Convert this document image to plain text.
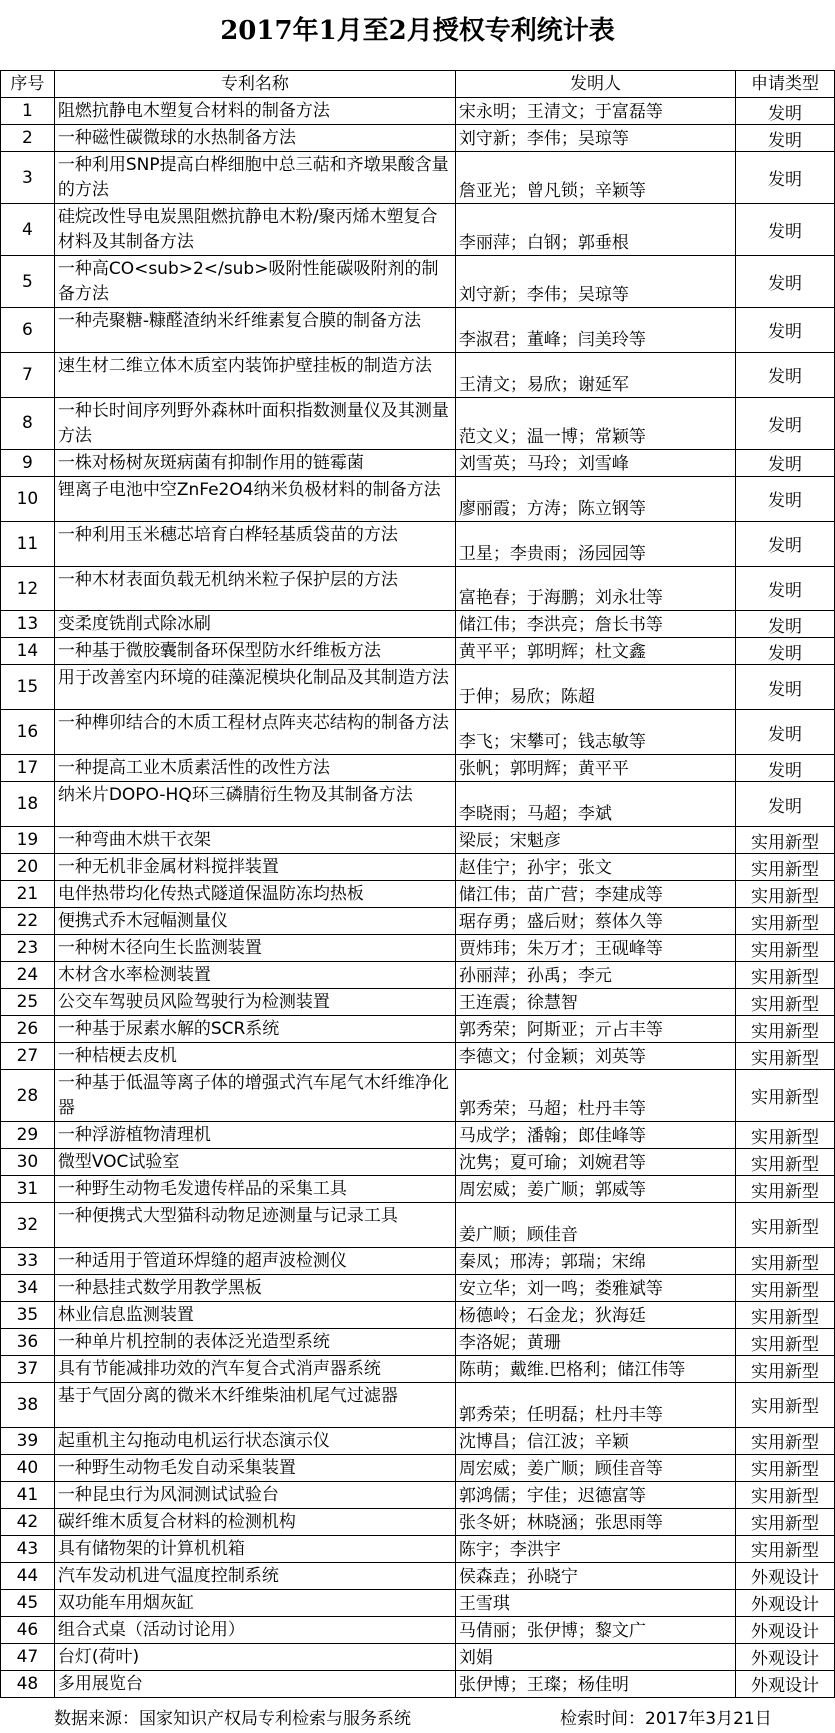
2017年1月至2月授权专利统计表
序号	专利名称	发明人	申请类型
1	阻燃抗静电木塑复合材料的制备方法	宋永明；王清文；于富磊等	发明
2	一种磁性碳微球的水热制备方法	刘守新；李伟；吴琼等	发明
3	一种利用SNP提高白桦细胞中总三萜和齐墩果酸含量的方法	詹亚光；曾凡锁；辛颖等	发明
4	硅烷改性导电炭黑阻燃抗静电木粉/聚丙烯木塑复合材料及其制备方法	李丽萍；白钢；郭垂根	发明
5	一种高CO<sub>2</sub>吸附性能碳吸附剂的制备方法	刘守新；李伟；吴琼等	发明
6	一种壳聚糖-糠醛渣纳米纤维素复合膜的制备方法	李淑君；董峰；闫美玲等	发明
7	速生材二维立体木质室内装饰护壁挂板的制造方法	王清文；易欣；谢延军	发明
8	一种长时间序列野外森林叶面积指数测量仪及其测量方法	范文义；温一博；常颖等	发明
9	一株对杨树灰斑病菌有抑制作用的链霉菌	刘雪英；马玲；刘雪峰	发明
10	锂离子电池中空ZnFe2O4纳米负极材料的制备方法	廖丽霞；方涛；陈立钢等	发明
11	一种利用玉米穗芯培育白桦轻基质袋苗的方法	卫星；李贵雨；汤园园等	发明
12	一种木材表面负载无机纳米粒子保护层的方法	富艳春；于海鹏；刘永壮等	发明
13	变柔度铣削式除冰刷	储江伟；李洪亮；詹长书等	发明
14	一种基于微胶囊制备环保型防水纤维板方法	黄平平；郭明辉；杜文鑫	发明
15	用于改善室内环境的硅藻泥模块化制品及其制造方法	于伸；易欣；陈超	发明
16	一种榫卯结合的木质工程材点阵夹芯结构的制备方法	李飞；宋攀可；钱志敏等	发明
17	一种提高工业木质素活性的改性方法	张帆；郭明辉；黄平平	发明
18	纳米片DOPO-HQ环三磷腈衍生物及其制备方法	李晓雨；马超；李斌	发明
19	一种弯曲木烘干衣架	梁辰；宋魁彦	实用新型
20	一种无机非金属材料搅拌装置	赵佳宁；孙宇；张文	实用新型
21	电伴热带均化传热式隧道保温防冻均热板	储江伟；苗广营；李建成等	实用新型
22	便携式乔木冠幅测量仪	琚存勇；盛后财；蔡体久等	实用新型
23	一种树木径向生长监测装置	贾炜玮；朱万才；王砚峰等	实用新型
24	木材含水率检测装置	孙丽萍；孙禹；李元	实用新型
25	公交车驾驶员风险驾驶行为检测装置	王连震；徐慧智	实用新型
26	一种基于尿素水解的SCR系统	郭秀荣；阿斯亚；亓占丰等	实用新型
27	一种桔梗去皮机	李德文；付金颖；刘英等	实用新型
28	一种基于低温等离子体的增强式汽车尾气木纤维净化器	郭秀荣；马超；杜丹丰等	实用新型
29	一种浮游植物清理机	马成学；潘翰；郎佳峰等	实用新型
30	微型VOC试验室	沈隽；夏可瑜；刘婉君等	实用新型
31	一种野生动物毛发遗传样品的采集工具	周宏威；姜广顺；郭威等	实用新型
32	一种便携式大型猫科动物足迹测量与记录工具	姜广顺；顾佳音	实用新型
33	一种适用于管道环焊缝的超声波检测仪	秦凤；邢涛；郭瑞；宋绵	实用新型
34	一种悬挂式数学用教学黑板	安立华；刘一鸣；娄雅斌等	实用新型
35	林业信息监测装置	杨德岭；石金龙；狄海廷	实用新型
36	一种单片机控制的表体泛光造型系统	李洛妮；黄珊	实用新型
37	具有节能减排功效的汽车复合式消声器系统	陈萌；戴维.巴格利；储江伟等	实用新型
38	基于气固分离的微米木纤维柴油机尾气过滤器	郭秀荣；任明磊；杜丹丰等	实用新型
39	起重机主勾拖动电机运行状态演示仪	沈博昌；信江波；辛颖	实用新型
40	一种野生动物毛发自动采集装置	周宏威；姜广顺；顾佳音等	实用新型
41	一种昆虫行为风洞测试试验台	郭鸿儒；宇佳；迟德富等	实用新型
42	碳纤维木质复合材料的检测机构	张冬妍；林晓涵；张思雨等	实用新型
43	具有储物架的计算机机箱	陈宇；李洪宇	实用新型
44	汽车发动机进气温度控制系统	侯森垚；孙晓宁	外观设计
45	双功能车用烟灰缸	王雪琪	外观设计
46	组合式桌（活动讨论用）	马倩丽；张伊博；黎文广	外观设计
47	台灯(荷叶)	刘娟	外观设计
48	多用展览台	张伊博；王璨；杨佳明	外观设计
数据来源：国家知识产权局专利检索与服务系统	检索时间：2017年3月21日
